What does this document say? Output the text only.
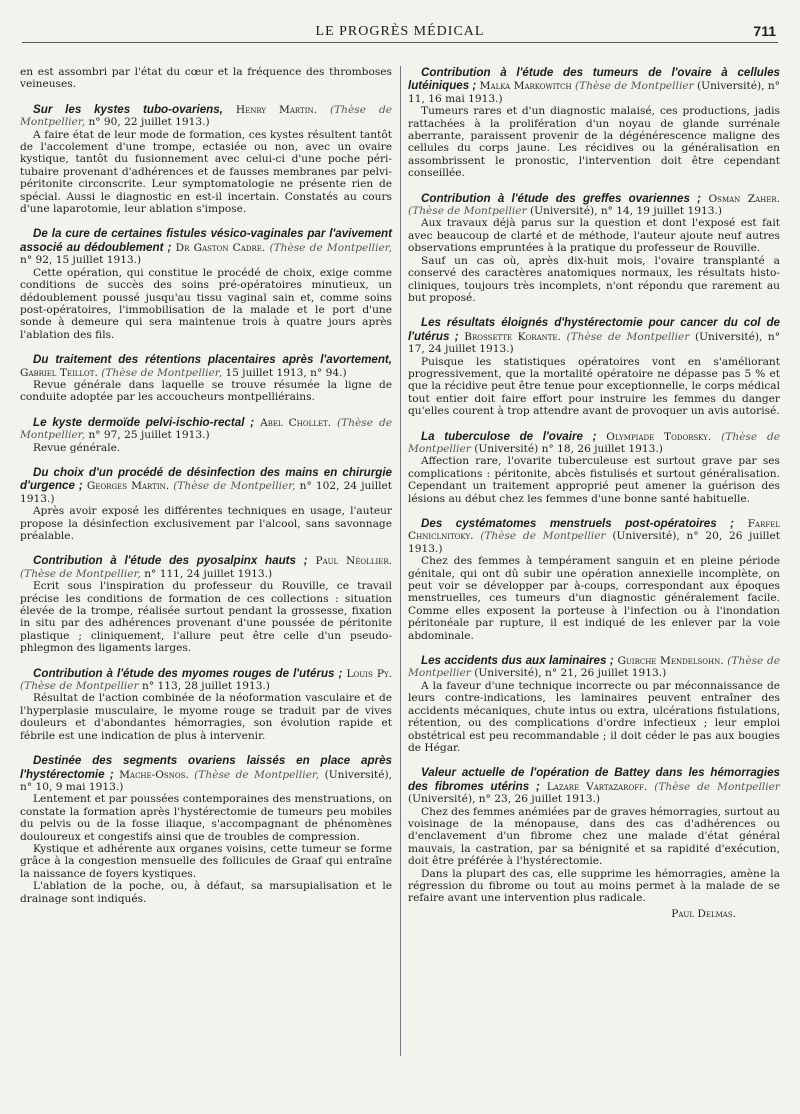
LE PROGRÈS MÉDICAL	711

en est assombri par l'état du cœur et la fréquence des thromboses veineuses.

Sur les kystes tubo-ovariens, Henry Martin. (Thèse de Montpellier, n° 90, 22 juillet 1913.)

A faire état de leur mode de formation, ces kystes résultent tantôt de l'accolement d'une trompe, ectasiée ou non, avec un ovaire kystique, tantôt du fusionnement avec celui-ci d'une poche péri-tubaire provenant d'adhérences et de fausses membranes par pelvi-péritonite circonscrite. Leur symptomatologie ne présente rien de spécial. Aussi le diagnostic en est-il incertain. Constatés au cours d'une laparotomie, leur ablation s'impose.

De la cure de certaines fistules vésico-vaginales par l'avivement associé au dédoublement ; Dr Gaston Cadre. (Thèse de Montpellier, n° 92, 15 juillet 1913.)

Cette opération, qui constitue le procédé de choix, exige comme conditions de succès des soins pré-opératoires minutieux, un dédoublement poussé jusqu'au tissu vaginal sain et, comme soins post-opératoires, l'immobilisation de la malade et le port d'une sonde à demeure qui sera maintenue trois à quatre jours après l'ablation des fils.

Du traitement des rétentions placentaires après l'avortement, Gabriel Teillot. (Thèse de Montpellier, 15 juillet 1913, n° 94.)

Revue générale dans laquelle se trouve résumée la ligne de conduite adoptée par les accoucheurs montpelliérains.

Le kyste dermoïde pelvi-ischio-rectal ; Abel Chollet. (Thèse de Montpellier, n° 97, 25 juillet 1913.)

Revue générale.

Du choix d'un procédé de désinfection des mains en chirurgie d'urgence ; Georges Martin. (Thèse de Montpellier, n° 102, 24 juillet 1913.)

Après avoir exposé les différentes techniques en usage, l'auteur propose la désinfection exclusivement par l'alcool, sans savonnage préalable.

Contribution à l'étude des pyosalpinx hauts ; Paul Néollier. (Thèse de Montpellier, n° 111, 24 juillet 1913.)

Ecrit sous l'inspiration du professeur du Rouville, ce travail précise les conditions de formation de ces collections : situation élevée de la trompe, réalisée surtout pendant la grossesse, fixation in situ par des adhérences provenant d'une poussée de péritonite plastique ; cliniquement, l'allure peut être celle d'un pseudo-phlegmon des ligaments larges.

Contribution à l'étude des myomes rouges de l'utérus ; Louis Py. (Thèse de Montpellier n° 113, 28 juillet 1913.)

Résultat de l'action combinée de la néoformation vasculaire et de l'hyperplasie musculaire, le myome rouge se traduit par de vives douleurs et d'abondantes hémorragies, son évolution rapide et fébrile est une indication de plus à intervenir.

Destinée des segments ovariens laissés en place après l'hystérectomie ; Mache-Osnos. (Thèse de Montpellier, (Université), n° 10, 9 mai 1913.)

Lentement et par poussées contemporaines des menstruations, on constate la formation après l'hystérectomie de tumeurs peu mobiles du pelvis ou de la fosse iliaque, s'accompagnant de phénomènes douloureux et congestifs ainsi que de troubles de compression.

Kystique et adhérente aux organes voisins, cette tumeur se forme grâce à la congestion mensuelle des follicules de Graaf qui entraîne la naissance de foyers kystiques.

L'ablation de la poche, ou, à défaut, sa marsupialisation et le drainage sont indiqués.

Contribution à l'étude des tumeurs de l'ovaire à cellules lutéiniques ; Malka Markowitch (Thèse de Montpellier (Université), n° 11, 16 mai 1913.)

Tumeurs rares et d'un diagnostic malaisé, ces productions, jadis rattachées à la prolifération d'un noyau de glande surrénale aberrante, paraissent provenir de la dégénérescence maligne des cellules du corps jaune. Les récidives ou la généralisation en assombrissent le pronostic, l'intervention doit être cependant conseillée.

Contribution à l'étude des greffes ovariennes ; Osman Zaher. (Thèse de Montpellier (Université), n° 14, 19 juillet 1913.)

Aux travaux déjà parus sur la question et dont l'exposé est fait avec beaucoup de clarté et de méthode, l'auteur ajoute neuf autres observations empruntées à la pratique du professeur de Rouville.

Sauf un cas où, après dix-huit mois, l'ovaire transplanté a conservé des caractères anatomiques normaux, les résultats histo-cliniques, toujours très incomplets, n'ont répondu que rarement au but proposé.

Les résultats éloignés d'hystérectomie pour cancer du col de l'utérus ; Brossette Korante. (Thèse de Montpellier (Université), n° 17, 24 juillet 1913.)

Puisque les statistiques opératoires vont en s'améliorant progressivement, que la mortalité opératoire ne dépasse pas 5 % et que la récidive peut être tenue pour exceptionnelle, le corps médical tout entier doit faire effort pour instruire les femmes du danger qu'elles courent à trop attendre avant de provoquer un avis autorisé.

La tuberculose de l'ovaire ; Olympiade Todorsky. (Thèse de Montpellier (Université) n° 18, 26 juillet 1913.)

Affection rare, l'ovarite tuberculeuse est surtout grave par ses complications : péritonite, abcès fistulisés et surtout généralisation. Cependant un traitement approprié peut amener la guérison des lésions au début chez les femmes d'une bonne santé habituelle.

Des cystématomes menstruels post-opératoires ; Farfel Chniclnitoky. (Thèse de Montpellier (Université), n° 20, 26 juillet 1913.)

Chez des femmes à tempérament sanguin et en pleine période génitale, qui ont dû subir une opération annexielle incomplète, on peut voir se développer par à-coups, correspondant aux époques menstruelles, ces tumeurs d'un diagnostic généralement facile. Comme elles exposent la porteuse à l'infection ou à l'inondation péritonéale par rupture, il est indiqué de les enlever par la voie abdominale.

Les accidents dus aux laminaires ; Guirche Mendelsohn. (Thèse de Montpellier (Université), n° 21, 26 juillet 1913.)

A la faveur d'une technique incorrecte ou par méconnaissance de leurs contre-indications, les laminaires peuvent entraîner des accidents mécaniques, chute intus ou extra, ulcérations fistulations, rétention, ou des complications d'ordre infectieux ; leur emploi obstétrical est peu recommandable ; il doit céder le pas aux bougies de Hégar.

Valeur actuelle de l'opération de Battey dans les hémorragies des fibromes utérins ; Lazare Vartazaroff. (Thèse de Montpellier (Université), n° 23, 26 juillet 1913.)

Chez des femmes anémiées par de graves hémorragies, surtout au voisinage de la ménopause, dans des cas d'adhérences ou d'enclavement d'un fibrome chez une malade d'état général mauvais, la castration, par sa bénignité et sa rapidité d'exécution, doit être préférée à l'hystérectomie.

Dans la plupart des cas, elle supprime les hémorragies, amène la régression du fibrome ou tout au moins permet à la malade de se refaire avant une intervention plus radicale.

Paul Delmas.
